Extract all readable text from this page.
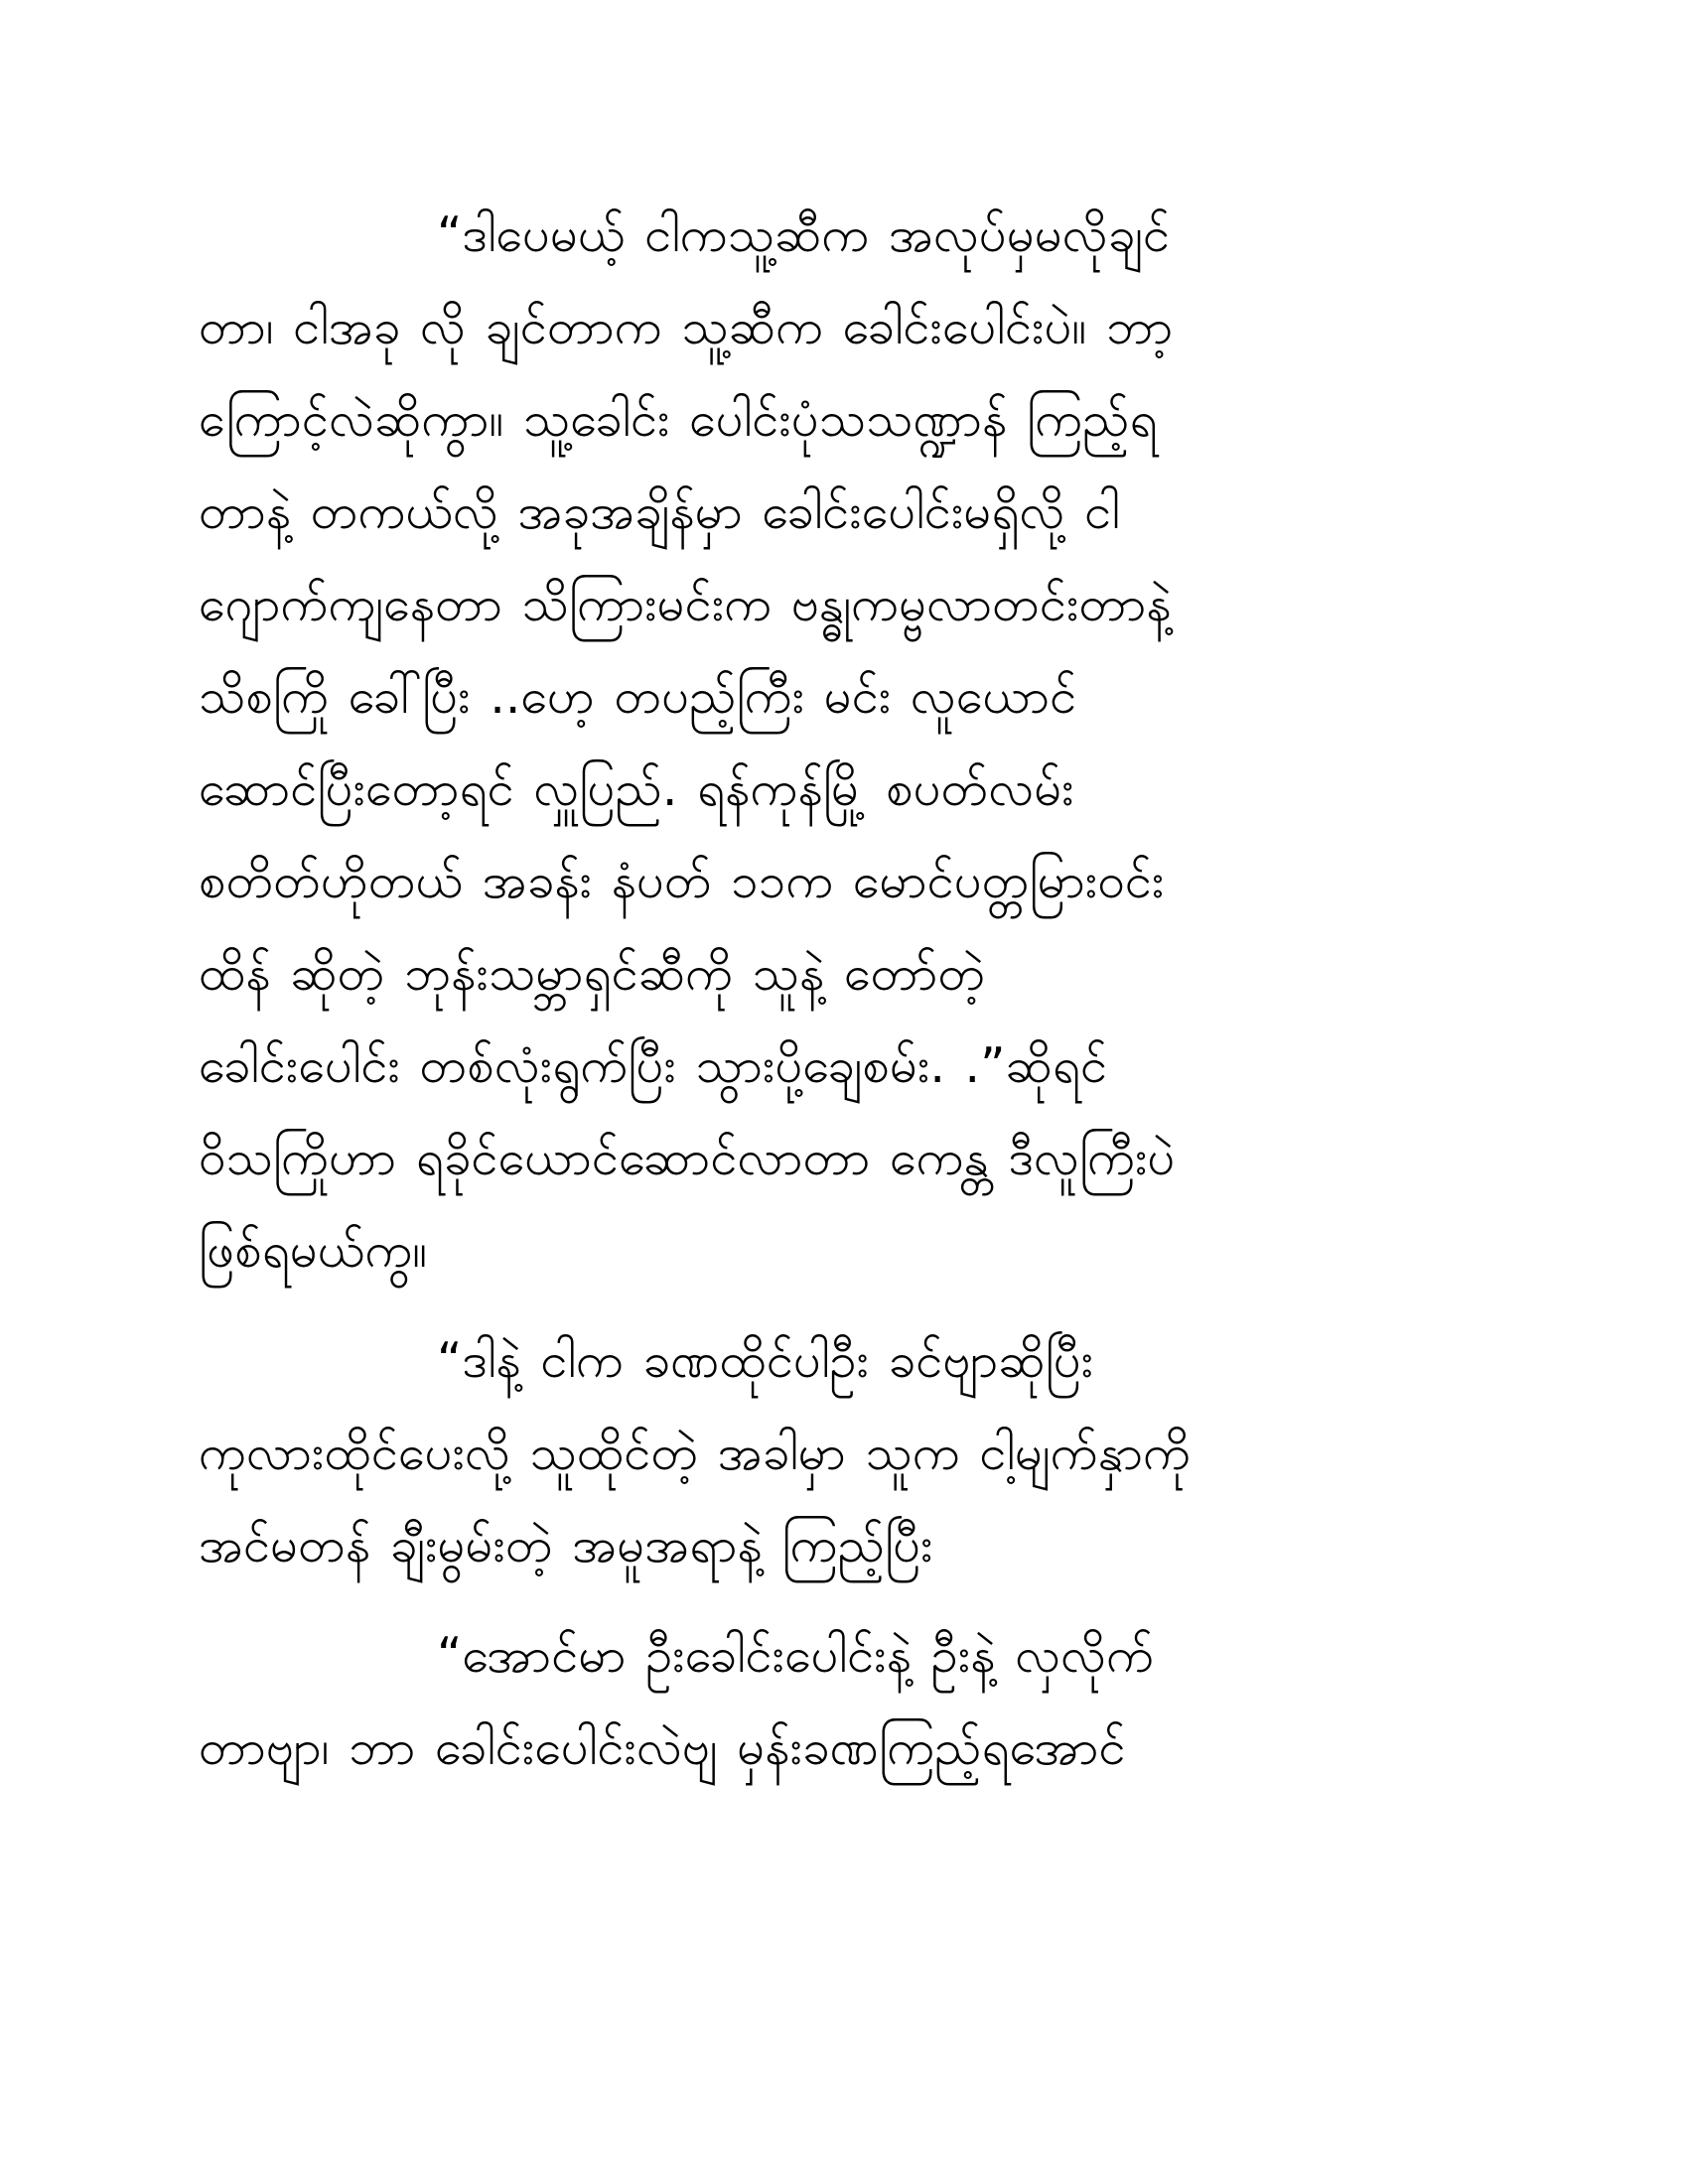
“ဒါပေမယ့် ငါကသူ့ဆီက အလုပ်မှမလိုချင်
တာ၊ ငါအခု လို ချင်တာက သူ့ဆီက ခေါင်းပေါင်းပဲ။ ဘာ့
ကြောင့်လဲဆိုကွာ။ သူ့ခေါင်း ပေါင်းပုံသသဏ္ဍာန် ကြည့်ရ
တာနဲ့ တကယ်လို့ အခုအချိန်မှာ ခေါင်းပေါင်းမရှိလို့ ငါ
ဂျောက်ကျနေတာ သိကြားမင်းက ဗန္ဓုကမ္ဗလာတင်းတာနဲ့
သိစကြို ခေါ်ပြီး ..ဟေ့ တပည့်ကြီး မင်း လူယောင်
ဆောင်ပြီးတော့ရင် လှူပြည်. ရန်ကုန်မြို့ စပတ်လမ်း
စတိတ်ဟိုတယ် အခန်း နံပတ် ၁၁က မောင်ပတ္တမြားဝင်း
ထိန် ဆိုတဲ့ ဘုန်းသမ္ဘာရှင်ဆီကို သူနဲ့ တော်တဲ့
ခေါင်းပေါင်း တစ်လုံးရွက်ပြီး သွားပို့ချေစမ်း. .”ဆိုရင်
ဝိသကြိုဟာ ရခိုင်ယောင်ဆောင်လာတာ ကေန္တ ဒီလူကြီးပဲ
ဖြစ်ရမယ်ကွ။
“ဒါနဲ့ ငါက ခဏထိုင်ပါဦး ခင်ဗျာဆိုပြီး
ကုလားထိုင်ပေးလို့ သူထိုင်တဲ့ အခါမှာ သူက ငါ့မျက်နှာကို
အင်မတန် ချီးမွမ်းတဲ့ အမူအရာနဲ့ ကြည့်ပြီး
“အောင်မာ ဦးခေါင်းပေါင်းနဲ့ ဦးနဲ့ လှလိုက်
တာဗျာ၊ ဘာ ခေါင်းပေါင်းလဲဗျ မှန်းခဏကြည့်ရအောင်
